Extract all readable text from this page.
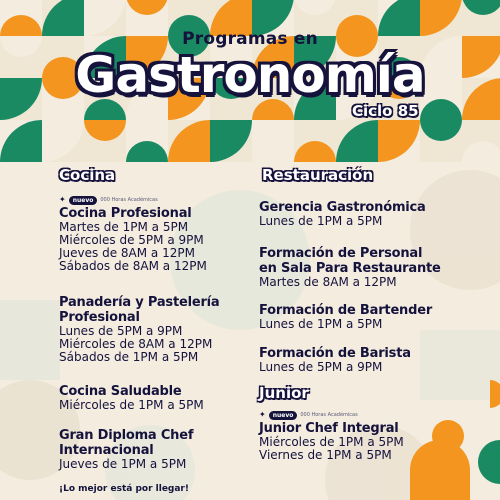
Programas en
Gastronomía
Ciclo 85
Cocina	Restauración
Junior
✦	nuevo	000 Horas Académicas
Cocina Profesional
Martes de 1PM a 5PM
Miércoles de 5PM a 9PM
Jueves de 8AM a 12PM
Sábados de 8AM a 12PM
Panadería y Pastelería
Profesional
Lunes de 5PM a 9PM
Miércoles de 8AM a 12PM
Sábados de 1PM a 5PM
Cocina Saludable
Miércoles de 1PM a 5PM
Gran Diploma Chef
Internacional
Jueves de 1PM a 5PM
Gerencia Gastronómica
Lunes de 1PM a 5PM
Formación de Personal
en Sala Para Restaurante
Martes de 8AM a 12PM
Formación de Bartender
Lunes de 1PM a 5PM
Formación de Barista
Lunes de 5PM a 9PM
✦	nuevo	000 Horas Académicas
Junior Chef Integral
Miércoles de 1PM a 5PM
Viernes de 1PM a 5PM
¡Lo mejor está por llegar!
